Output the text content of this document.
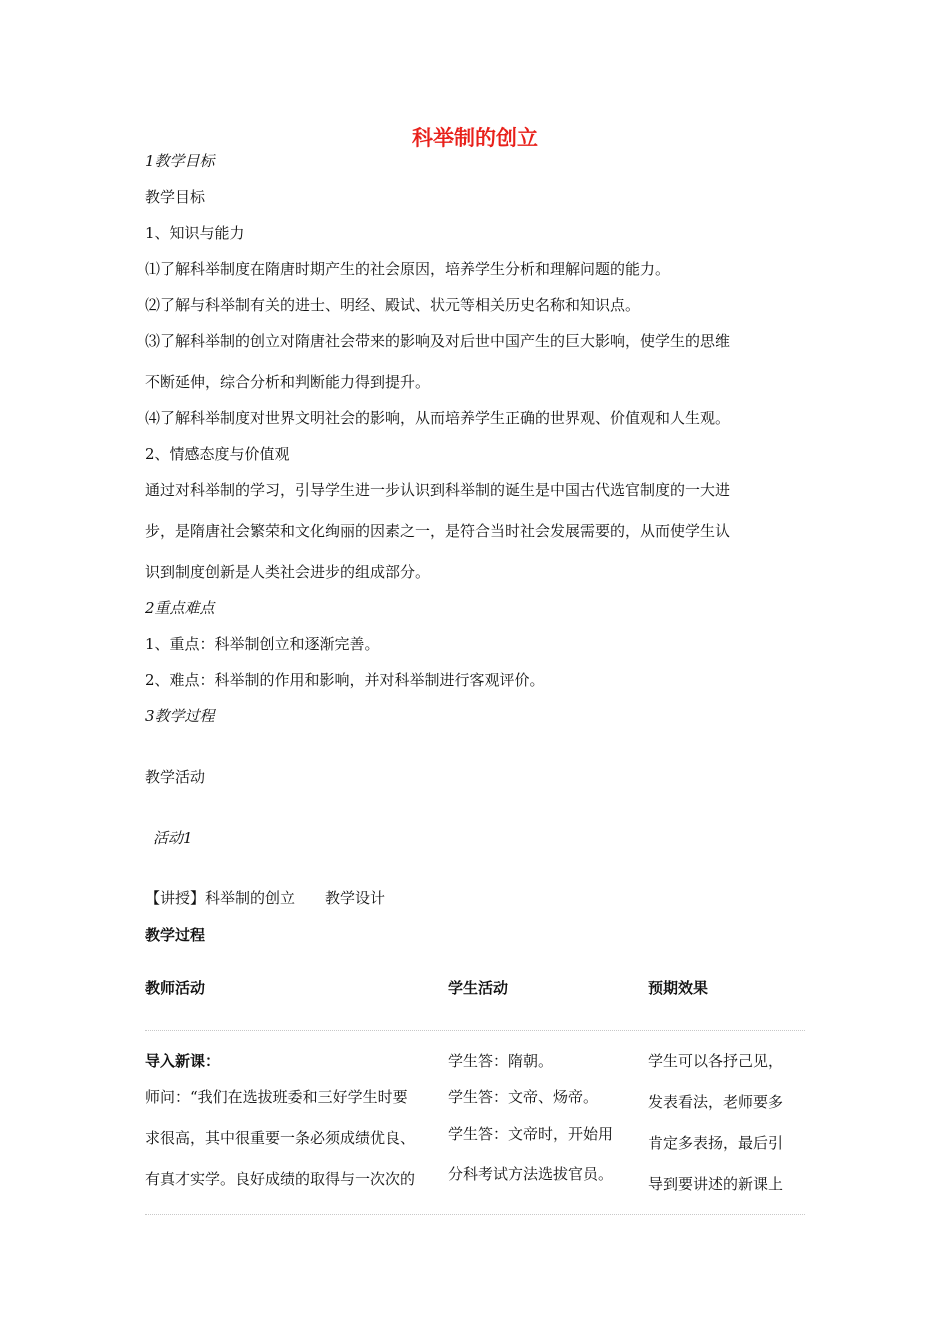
科举制的创立
1教学目标
教学目标
1、知识与能力
⑴了解科举制度在隋唐时期产生的社会原因，培养学生分析和理解问题的能力。
⑵了解与科举制有关的进士、明经、殿试、状元等相关历史名称和知识点。
⑶了解科举制的创立对隋唐社会带来的影响及对后世中国产生的巨大影响，使学生的思维
不断延伸，综合分析和判断能力得到提升。
⑷了解科举制度对世界文明社会的影响，从而培养学生正确的世界观、价值观和人生观。
2、情感态度与价值观
通过对科举制的学习，引导学生进一步认识到科举制的诞生是中国古代选官制度的一大进
步，是隋唐社会繁荣和文化绚丽的因素之一，是符合当时社会发展需要的，从而使学生认
识到制度创新是人类社会进步的组成部分。
2重点难点
1、重点：科举制创立和逐渐完善。
2、难点：科举制的作用和影响，并对科举制进行客观评价。
3教学过程
教学活动
活动1
【讲授】科举制的创立　　教学设计
教学过程
教师活动	学生活动	预期效果
导入新课：
师问：“我们在选拔班委和三好学生时要
求很高，其中很重要一条必须成绩优良、
有真才实学。良好成绩的取得与一次次的
学生答：隋朝。
学生答：文帝、炀帝。
学生答：文帝时，开始用
分科考试方法选拔官员。
学生可以各抒己见，
发表看法，老师要多
肯定多表扬，最后引
导到要讲述的新课上
